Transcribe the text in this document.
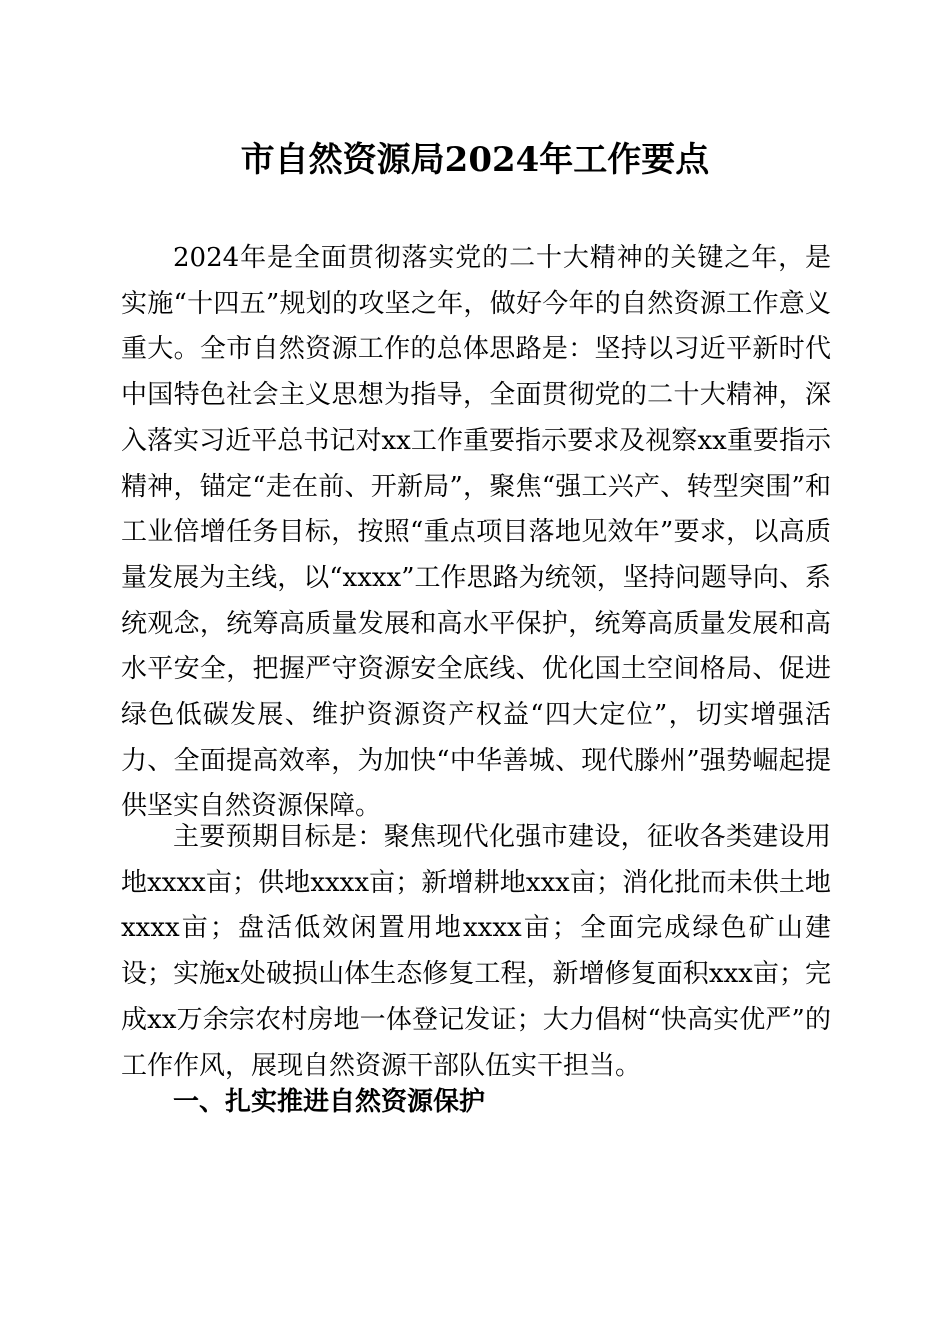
市自然资源局2024年工作要点

2024年是全面贯彻落实党的二十大精神的关键之年，是实施“十四五”规划的攻坚之年，做好今年的自然资源工作意义重大。全市自然资源工作的总体思路是：坚持以习近平新时代中国特色社会主义思想为指导，全面贯彻党的二十大精神，深入落实习近平总书记对xx工作重要指示要求及视察xx重要指示精神，锚定“走在前、开新局”，聚焦“强工兴产、转型突围”和工业倍增任务目标，按照“重点项目落地见效年”要求，以高质量发展为主线，以“xxxx”工作思路为统领，坚持问题导向、系统观念，统筹高质量发展和高水平保护，统筹高质量发展和高水平安全，把握严守资源安全底线、优化国土空间格局、促进绿色低碳发展、维护资源资产权益“四大定位”，切实增强活力、全面提高效率，为加快“中华善城、现代滕州”强势崛起提供坚实自然资源保障。

主要预期目标是：聚焦现代化强市建设，征收各类建设用地xxxx亩；供地xxxx亩；新增耕地xxx亩；消化批而未供土地xxxx亩；盘活低效闲置用地xxxx亩；全面完成绿色矿山建设；实施x处破损山体生态修复工程，新增修复面积xxx亩；完成xx万余宗农村房地一体登记发证；大力倡树“快高实优严”的工作作风，展现自然资源干部队伍实干担当。

一、扎实推进自然资源保护
